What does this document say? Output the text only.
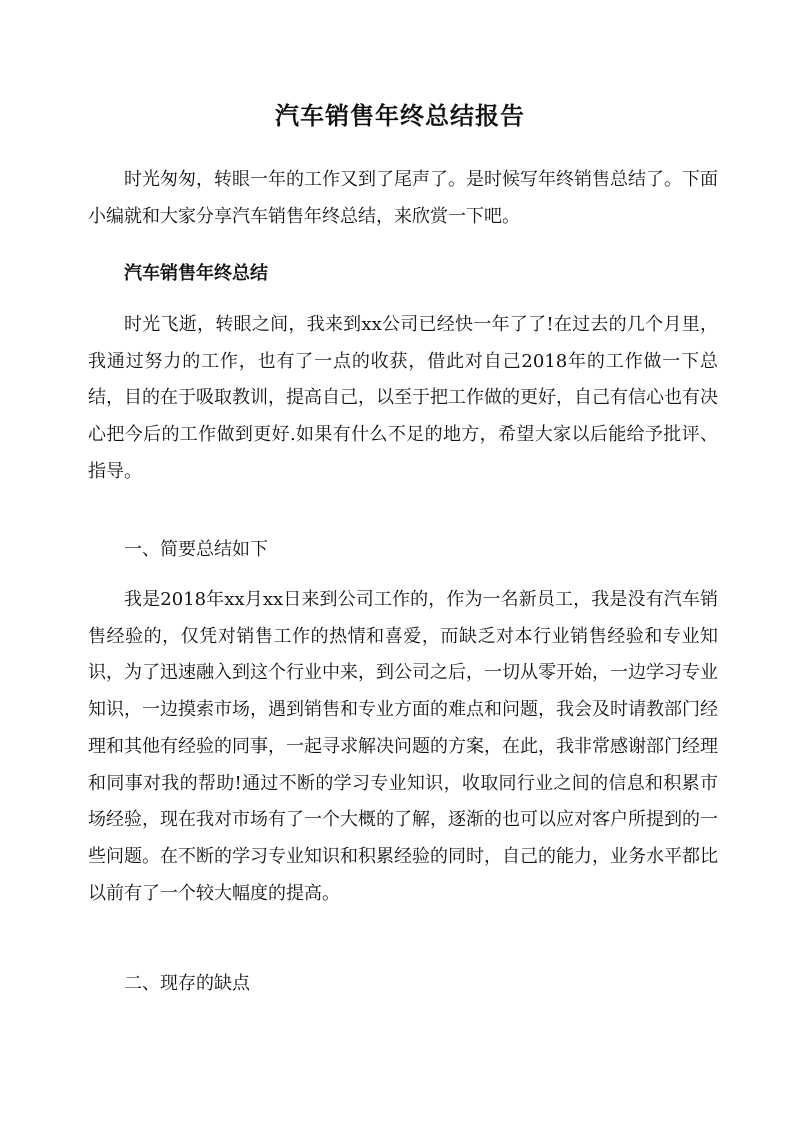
汽车销售年终总结报告
时光匆匆，转眼一年的工作又到了尾声了。是时候写年终销售总结了。下面小编就和大家分享汽车销售年终总结，来欣赏一下吧。
汽车销售年终总结
时光飞逝，转眼之间，我来到xx公司已经快一年了了!在过去的几个月里，我通过努力的工作，也有了一点的收获，借此对自己2018年的工作做一下总结，目的在于吸取教训，提高自己，以至于把工作做的更好，自己有信心也有决心把今后的工作做到更好.如果有什么不足的地方，希望大家以后能给予批评、指导。
一、简要总结如下
我是2018年xx月xx日来到公司工作的，作为一名新员工，我是没有汽车销售经验的，仅凭对销售工作的热情和喜爱，而缺乏对本行业销售经验和专业知识，为了迅速融入到这个行业中来，到公司之后，一切从零开始，一边学习专业知识，一边摸索市场，遇到销售和专业方面的难点和问题，我会及时请教部门经理和其他有经验的同事，一起寻求解决问题的方案，在此，我非常感谢部门经理和同事对我的帮助!通过不断的学习专业知识，收取同行业之间的信息和积累市场经验，现在我对市场有了一个大概的了解，逐渐的也可以应对客户所提到的一些问题。在不断的学习专业知识和积累经验的同时，自己的能力，业务水平都比以前有了一个较大幅度的提高。
二、现存的缺点
